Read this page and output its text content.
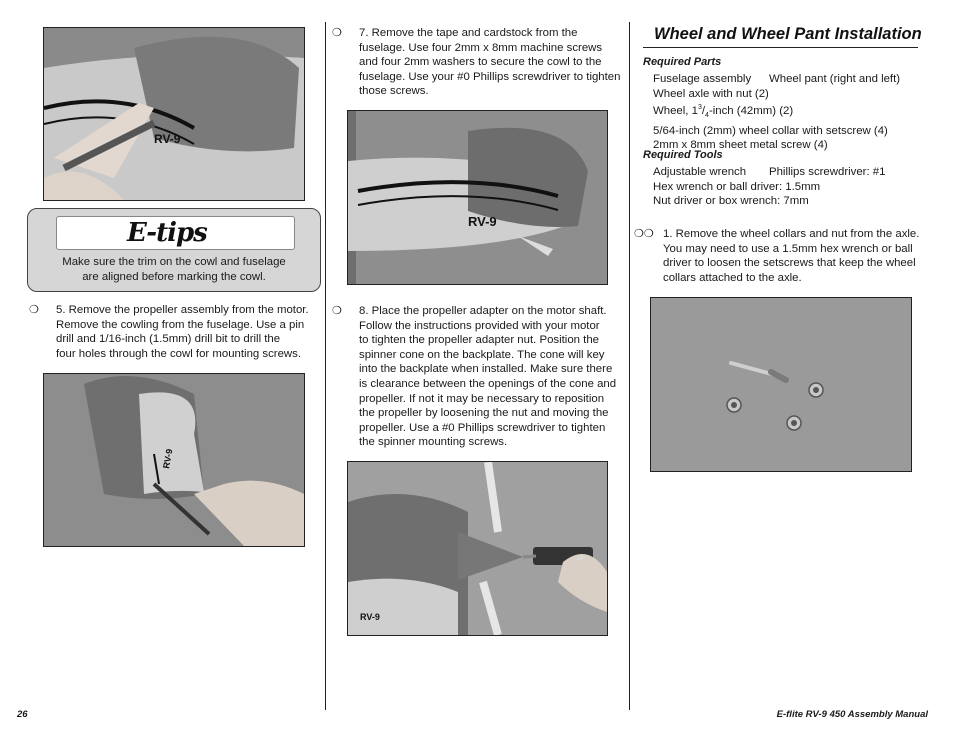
RV-9
E-tips
Make sure the trim on the cowl and fuselage
are aligned before marking the cowl.
❍ 5. Remove the propeller assembly from the motor.
Remove the cowling from the fuselage. Use a pin
drill and 1/16-inch (1.5mm) drill bit to drill the
four holes through the cowl for mounting screws.
RV-9
❍ 7. Remove the tape and cardstock from the
fuselage. Use four 2mm x 8mm machine screws
and four 2mm washers to secure the cowl to the
fuselage. Use your #0 Phillips screwdriver to tighten
those screws.
RV-9
❍ 8. Place the propeller adapter on the motor shaft.
Follow the instructions provided with your motor
to tighten the propeller adapter nut. Position the
spinner cone on the backplate. The cone will key
into the backplate when installed. Make sure there
is clearance between the openings of the cone and
propeller. If not it may be necessary to reposition
the propeller by loosening the nut and moving the
propeller. Use a #0 Phillips screwdriver to tighten
the spinner mounting screws.
JP
RV-9
Wheel and Wheel Pant Installation
Required Parts
Fuselage assembly Wheel pant (right and left)
Wheel axle with nut (2)
Wheel, $1^3/_4$-inch (42mm) (2)
5/64-inch (2mm) wheel collar with setscrew (4)
2mm x 8mm sheet metal screw (4)
Required Tools
Adjustable wrench Phillips screwdriver: #1
Hex wrench or ball driver: 1.5mm
Nut driver or box wrench: 7mm
❍❍ 1. Remove the wheel collars and nut from the axle.
You may need to use a 1.5mm hex wrench or ball
driver to loosen the setscrews that keep the wheel
collars attached to the axle.
26	E-flite RV-9 450 Assembly Manual
